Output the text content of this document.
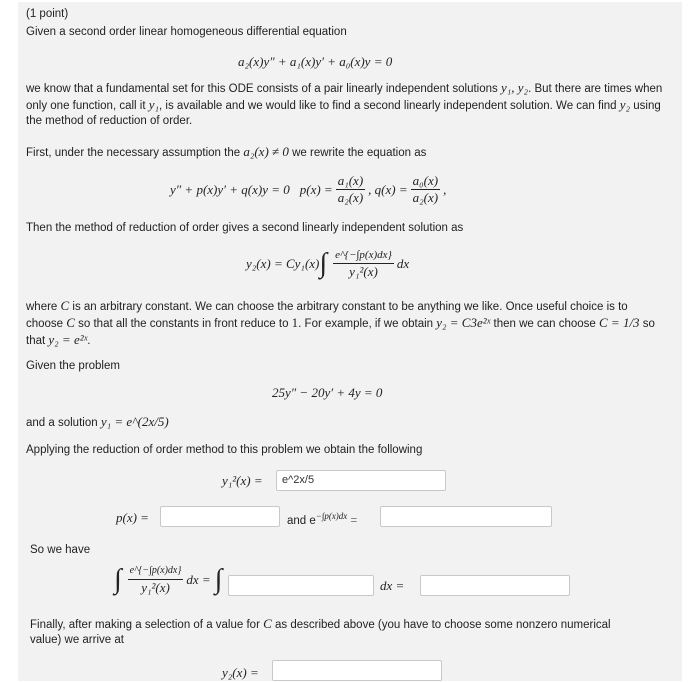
(1 point)
Given a second order linear homogeneous differential equation
a₂(x)y″ + a₁(x)y′ + a₀(x)y = 0
we know that a fundamental set for this ODE consists of a pair linearly independent solutions y₁, y₂. But there are times when only one function, call it y₁, is available and we would like to find a second linearly independent solution. We can find y₂ using the method of reduction of order.
First, under the necessary assumption the a₂(x) ≠ 0 we rewrite the equation as
y″ + p(x)y′ + q(x)y = 0 $p(x) = \frac{\text{a₁(x)}}{\text{a₂(x)}}$ , $q(x) = \frac{\text{a₀(x)}}{\text{a₂(x)}}$ ,
Then the method of reduction of order gives a second linearly independent solution as
y₂(x) = Cy₁(x) ∫ $\frac{e\^{}\{-\int p(x)dx\}}{\text{y₁²(x)}}$ dx
where C is an arbitrary constant. We can choose the arbitrary constant to be anything we like. Once useful choice is to choose C so that all the constants in front reduce to 1. For example, if we obtain y₂ = C3e²ˣ then we can choose C = 1/3 so that y₂ = e²ˣ.
Given the problem
25y″ − 20y′ + 4y = 0
and a solution y₁ = e^(2x/5)
Applying the reduction of order method to this problem we obtain the following
y₁²(x) =	e^2x/5
p(x) =	and $e^{-\int p(x)dx}$ =
So we have
∫ $\frac{e\^{}\{-\int p(x)dx\}}{\text{y₁²(x)}}$ dx = ∫	dx =
Finally, after making a selection of a value for C as described above (you have to choose some nonzero numerical value) we arrive at
y₂(x) =
